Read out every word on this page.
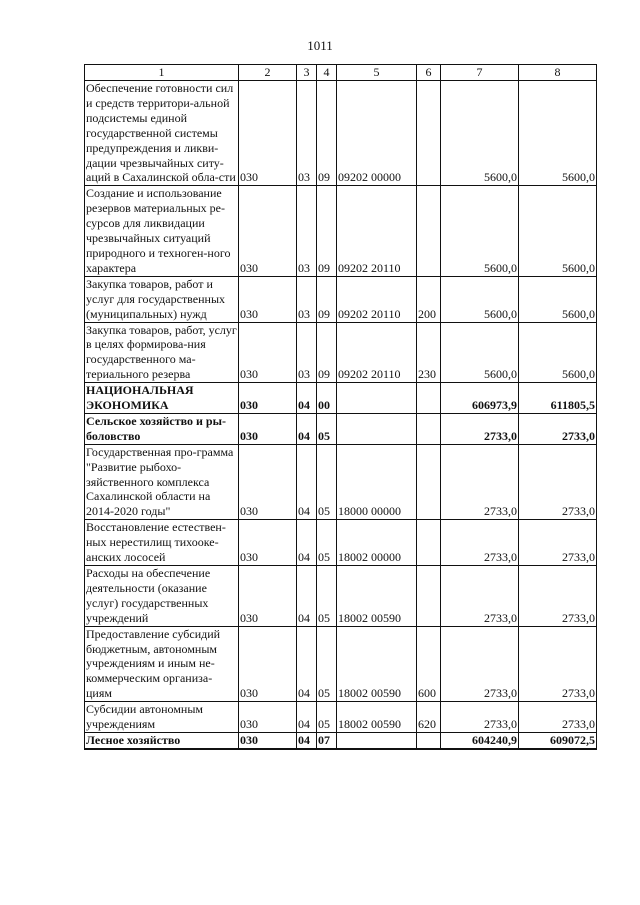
1011
1	2	3	4	5	6	7	8
Обеспечение готовности сил и средств территори-альной подсистемы единой государственной системы предупреждения и ликви-дации чрезвычайных ситу-аций в Сахалинской обла-сти	030	03	09	09202 00000		5600,0	5600,0
Создание и использование резервов материальных ре-сурсов для ликвидации чрезвычайных ситуаций природного и техноген-ного характера	030	03	09	09202 20110		5600,0	5600,0
Закупка товаров, работ и услуг для государственных (муниципальных) нужд	030	03	09	09202 20110	200	5600,0	5600,0
Закупка товаров, работ, услуг в целях формирова-ния государственного ма-териального резерва	030	03	09	09202 20110	230	5600,0	5600,0
НАЦИОНАЛЬНАЯ ЭКОНОМИКА	030	04	00			606973,9	611805,5
Сельское хозяйство и ры-боловство	030	04	05			2733,0	2733,0
Государственная про-грамма "Развитие рыбохо-зяйственного комплекса Сахалинской области на 2014-2020 годы"	030	04	05	18000 00000		2733,0	2733,0
Восстановление естествен-ных нерестилищ тихооке-анских лососей	030	04	05	18002 00000		2733,0	2733,0
Расходы на обеспечение деятельности (оказание услуг) государственных учреждений	030	04	05	18002 00590		2733,0	2733,0
Предоставление субсидий бюджетным, автономным учреждениям и иным не-коммерческим организа-циям	030	04	05	18002 00590	600	2733,0	2733,0
Субсидии автономным учреждениям	030	04	05	18002 00590	620	2733,0	2733,0
Лесное хозяйство	030	04	07			604240,9	609072,5
